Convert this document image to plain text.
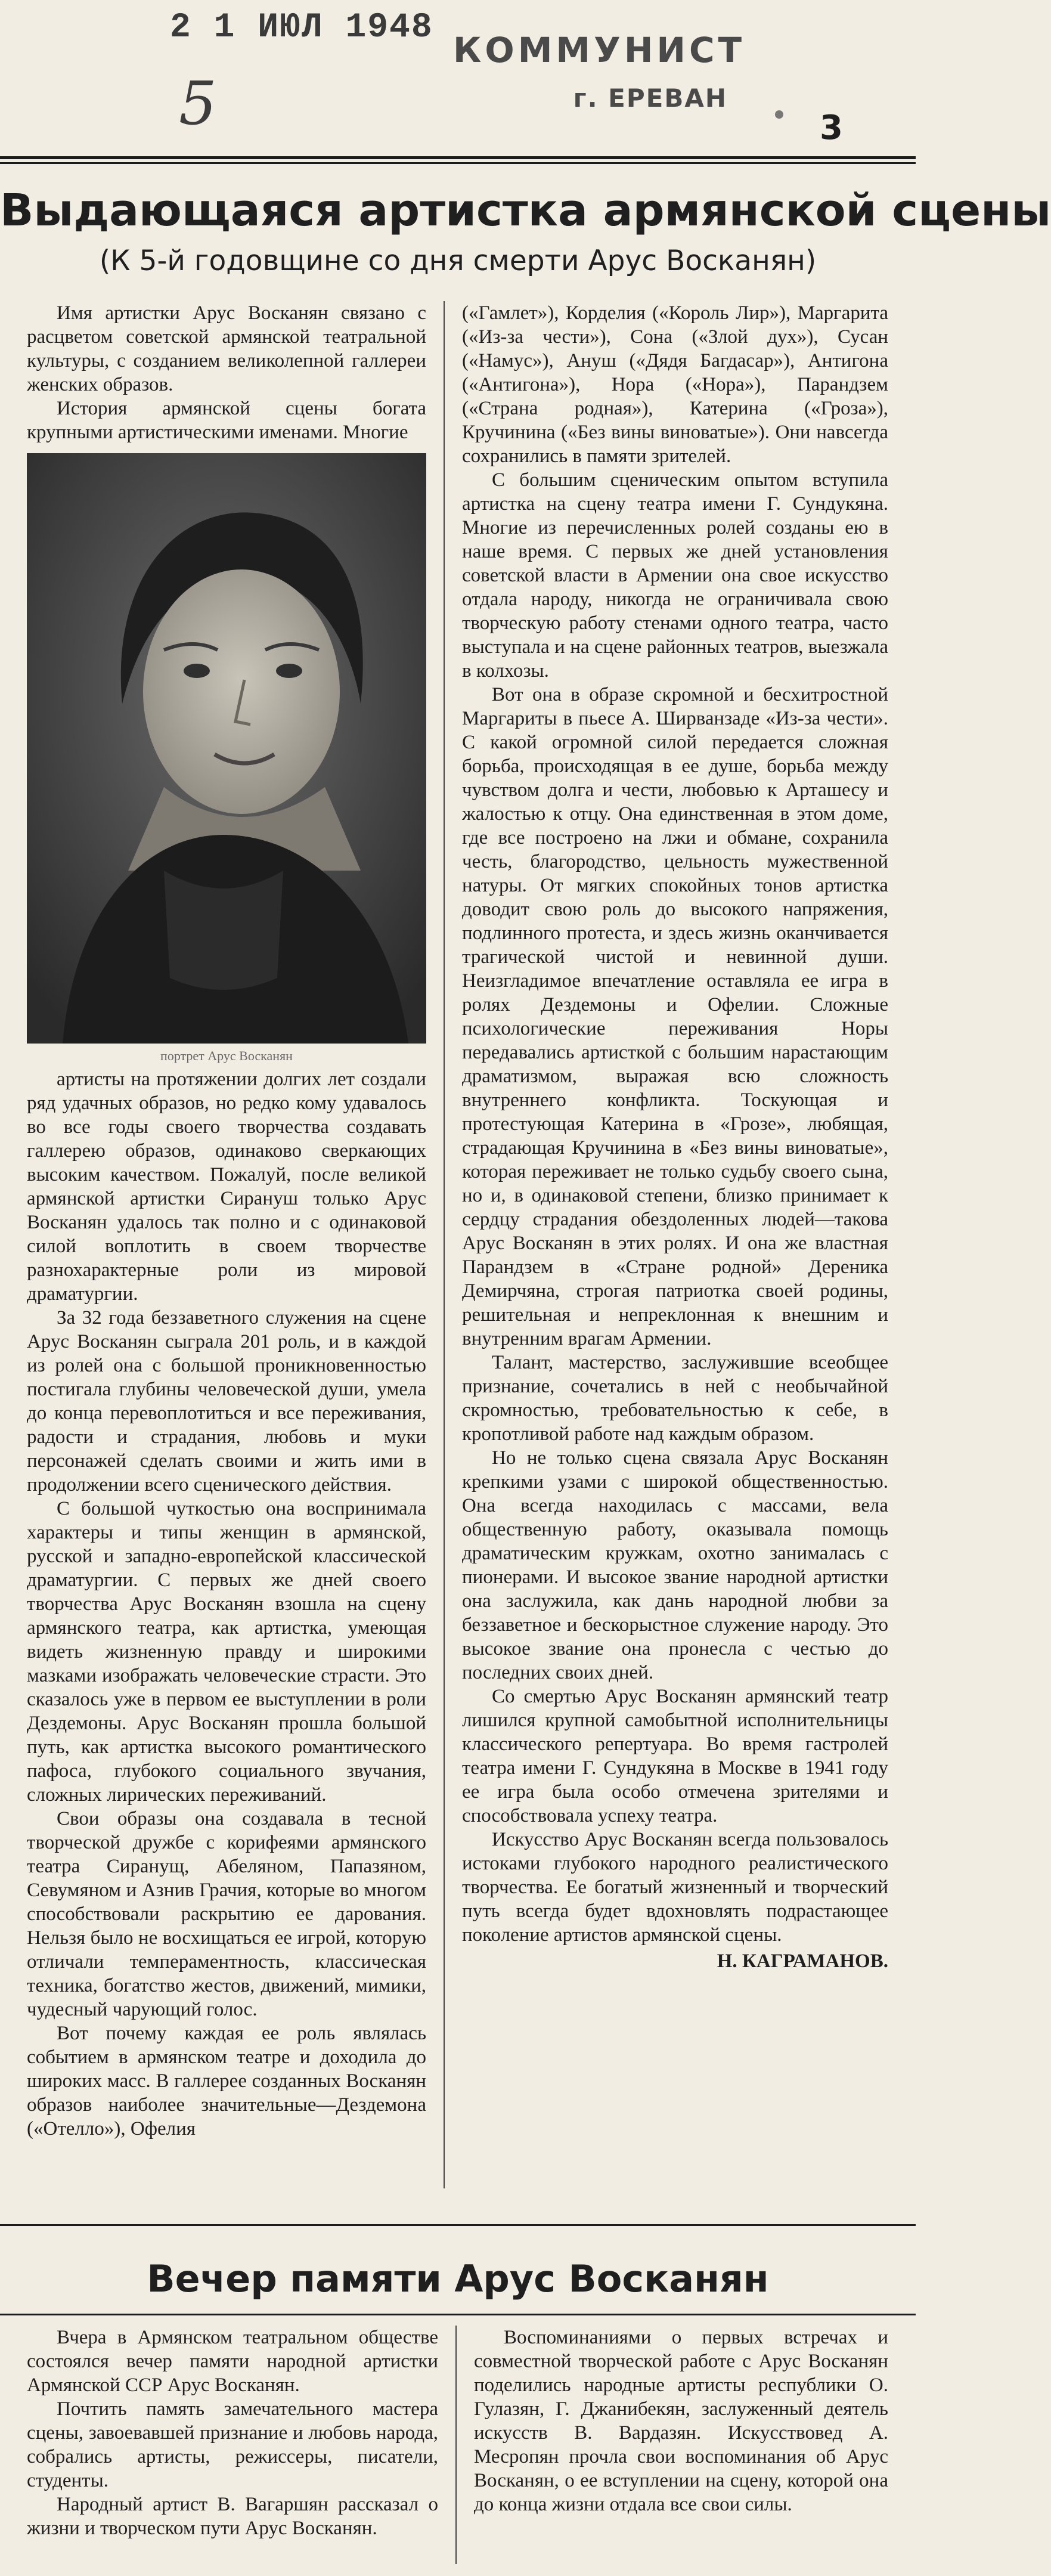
2 1 ИЮЛ 1948
5
КОММУНИСТ
г. ЕРЕВАН
3
Выдающаяся артистка армянской сцены
(К 5-й годовщине со дня смерти Арус Восканян)

Имя артистки Арус Восканян связано с расцветом советской армянской театральной культуры, с созданием великолепной галлереи женских образов.

История армянской сцены богата крупными артистическими именами. Многие

портрет Арус Восканян

артисты на протяжении долгих лет создали ряд удачных образов, но редко кому удавалось во все годы своего творчества создавать галлерею образов, одинаково сверкающих высоким качеством. Пожалуй, после великой армянской артистки Сирануш только Арус Восканян удалось так полно и с одинаковой силой воплотить в своем творчестве разнохарактерные роли из мировой драматургии.

За 32 года беззаветного служения на сцене Арус Восканян сыграла 201 роль, и в каждой из ролей она с большой проникновенностью постигала глубины человеческой души, умела до конца перевоплотиться и все переживания, радости и страдания, любовь и муки персонажей сделать своими и жить ими в продолжении всего сценического действия.

С большой чуткостью она воспринимала характеры и типы женщин в армянской, русской и западно-европейской классической драматургии. С первых же дней своего творчества Арус Восканян взошла на сцену армянского театра, как артистка, умеющая видеть жизненную правду и широкими мазками изображать человеческие страсти. Это сказалось уже в первом ее выступлении в роли Дездемоны. Арус Восканян прошла большой путь, как артистка высокого романтического пафоса, глубокого социального звучания, сложных лирических переживаний.

Свои образы она создавала в тесной творческой дружбе с корифеями армянского театра Сиранущ, Абеляном, Папазяном, Севумяном и Азнив Грачия, которые во многом способствовали раскрытию ее дарования. Нельзя было не восхищаться ее игрой, которую отличали темпераментность, классическая техника, богатство жестов, движений, мимики, чудесный чарующий голос.

Вот почему каждая ее роль являлась событием в армянском театре и доходила до широких масс. В галлерее созданных Восканян образов наиболее значительные—Дездемона («Отелло»), Офелия

(«Гамлет»), Корделия («Король Лир»), Маргарита («Из-за чести»), Сона («Злой дух»), Сусан («Намус»), Ануш («Дядя Багдасар»), Антигона («Антигона»), Нора («Нора»), Парандзем («Страна родная»), Катерина («Гроза»), Кручинина («Без вины виноватые»). Они навсегда сохранились в памяти зрителей.

С большим сценическим опытом вступила артистка на сцену театра имени Г. Сундукяна. Многие из перечисленных ролей созданы ею в наше время. С первых же дней установления советской власти в Армении она свое искусство отдала народу, никогда не ограничивала свою творческую работу стенами одного театра, часто выступала и на сцене районных театров, выезжала в колхозы.

Вот она в образе скромной и бесхитростной Маргариты в пьесе А. Ширванзаде «Из-за чести». С какой огромной силой передается сложная борьба, происходящая в ее душе, борьба между чувством долга и чести, любовью к Арташесу и жалостью к отцу. Она единственная в этом доме, где все построено на лжи и обмане, сохранила честь, благородство, цельность мужественной натуры. От мягких спокойных тонов артистка доводит свою роль до высокого напряжения, подлинного протеста, и здесь жизнь оканчивается трагической чистой и невинной души. Неизгладимое впечатление оставляла ее игра в ролях Дездемоны и Офелии. Сложные психологические переживания Норы передавались артисткой с большим нарастающим драматизмом, выражая всю сложность внутреннего конфликта. Тоскующая и протестующая Катерина в «Грозе», любящая, страдающая Кручинина в «Без вины виноватые», которая переживает не только судьбу своего сына, но и, в одинаковой степени, близко принимает к сердцу страдания обездоленных людей—такова Арус Восканян в этих ролях. И она же властная Парандзем в «Стране родной» Дереника Демирчяна, строгая патриотка своей родины, решительная и непреклонная к внешним и внутренним врагам Армении.

Талант, мастерство, заслужившие всеобщее признание, сочетались в ней с необычайной скромностью, требовательностью к себе, в кропотливой работе над каждым образом.

Но не только сцена связала Арус Восканян крепкими узами с широкой общественностью. Она всегда находилась с массами, вела общественную работу, оказывала помощь драматическим кружкам, охотно занималась с пионерами. И высокое звание народной артистки она заслужила, как дань народной любви за беззаветное и бескорыстное служение народу. Это высокое звание она пронесла с честью до последних своих дней.

Со смертью Арус Восканян армянский театр лишился крупной самобытной исполнительницы классического репертуара. Во время гастролей театра имени Г. Сундукяна в Москве в 1941 году ее игра была особо отмечена зрителями и способствовала успеху театра.

Искусство Арус Восканян всегда пользовалось истоками глубокого народного реалистического творчества. Ее богатый жизненный и творческий путь всегда будет вдохновлять подрастающее поколение артистов армянской сцены.

Н. КАГРАМАНОВ.

Вечер памяти Арус Восканян

Вчера в Армянском театральном обществе состоялся вечер памяти народной артистки Армянской ССР Арус Восканян.

Почтить память замечательного мастера сцены, завоевавшей признание и любовь народа, собрались артисты, режиссеры, писатели, студенты.

Народный артист В. Вагаршян рассказал о жизни и творческом пути Арус Восканян.

Воспоминаниями о первых встречах и совместной творческой работе с Арус Восканян поделились народные артисты республики О. Гулазян, Г. Джанибекян, заслуженный деятель искусств В. Вардазян. Искусствовед А. Месропян прочла свои воспоминания об Арус Восканян, о ее вступлении на сцену, которой она до конца жизни отдала все свои силы.
